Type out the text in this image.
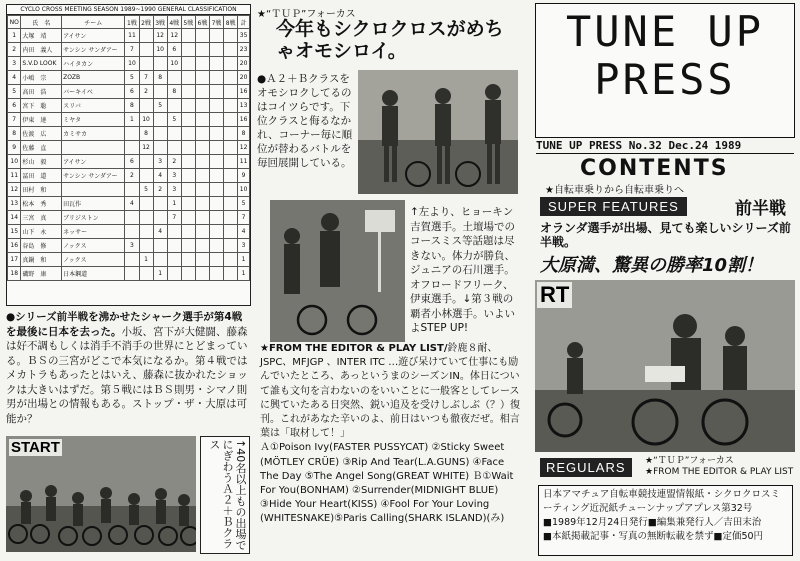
CYCLO CROSS MEETING SEASON 1989~1990 GENERAL CLASSIFICATION
NO	氏　名	チーム	1戦	2戦	3戦	4戦	5戦	6戦	7戦	8戦	計
1	大塚　靖	アイサン	11		12	12					35
2	内田　義人	サンシン サンダアー	7		10	6					23
3	S.V.D LOOK	ハイタカン	10			10					20
4	小嶋　宗	ZOZB	5	7	8						20
5	高田　浩	バーキイベ	6	2		8					16
6	宮下　聡	スリバ	8		5						13
7	伊東　達	ミヤタ	1	10		5					16
8	佐渡　広	カミサカ		8							8
9	佐藤　直			12							12
10	杉山　毅	アイサン	6		3	2					11
11	冨田　道	サンシン サンダアー	2		4	3					9
12	田村　和			5	2	3					10
13	松本　秀	田瓦作	4			1					5
14	三宮　真	ブリジストン				7					7
15	山下　永	ネッサー			4						4
16	谷島　修	ノックス	3								3
17	真鍋　和	ノックス		1							1
18	磯野　康	日本鋼道			1						1
●シリーズ前半戦を沸かせたシャーク選手が第4戦を最後に日本を去った。小坂、宮下が大健闘、藤森は好不調もしくは消手不消手の世界にとどまっている。ＢＳの三宮がどこで本気になるか。第４戦ではメカトラもあったとはいえ、藤森に抜かれたショックは大きいはずだ。第５戦にはＢＳ則男・シマノ則男が出場との情報もある。ストップ・ザ・大原は可能か？
START	↑40名以上もの出場でにぎわうＡ２＋Ｂクラス
★“ＴＵＰ”フォーカス
今年もシクロクロスがめちゃオモシロイ。
●Ａ２＋Ｂクラスをオモシロクしてるのはコイツらです。下位クラスと侮るなかれ、コーナー毎に順位が替わるバトルを毎回展開している。
↑左より、ヒョーキン吉賀選手。土壇場でのコースミス等話題は尽きない。体力が勝負、ジュニアの石川選手。オフロードフリーク、伊東選手。↓第３戦の覇者小林選手。いよいよSTEP UP!
★FROM THE EDITOR & PLAY LIST/鈴鹿８耐、JSPC、MFJGP 、INTER ITC …遊び呆けていて仕事にも励んでいたところ、あっというまのシーズンIN。体日について誰も文句を言わないのをいいことに一般客としてレースに興ていたある日突然、鋭い追及を受けしぶしぶ（？）復刊。これがあなた辛いのよ、前日はいつも徹夜だぜ。相言葉は「取材して！」
Ａ①Poison Ivy(FASTER PUSSYCAT) ②Sticky Sweet (MÖTLEY CRÜE) ③Rip And Tear(L.A.GUNS) ④Face The Day ⑤The Angel Song(GREAT WHITE) Ｂ①Wait For You(BONHAM) ②Surrender(MIDNIGHT BLUE) ③Hide Your Heart(KISS) ④Fool For Your Loving (WHITESNAKE)⑤Paris Calling(SHARK ISLAND)(み)
TUNE UP
PRESS
TUNE UP PRESS No.32 Dec.24 1989
CONTENTS
★自転車乗りから自転車乗りへ
SUPER FEATURES	前半戦
オランダ選手が出場、見ても楽しいシリーズ前半戦。
大原満、驚異の勝率10割！
RT
REGULARS	★“ＴＵＰ”フォーカス
★FROM THE EDITOR & PLAY LIST
日本アマチュア自転車競技連盟情報紙・シクロクロスミーティング近況紙チューンナップアプレス第32号
■1989年12月24日発行■編集兼発行人／吉田末治
■本紙掲載記事・写真の無断転載を禁ず■定価50円
